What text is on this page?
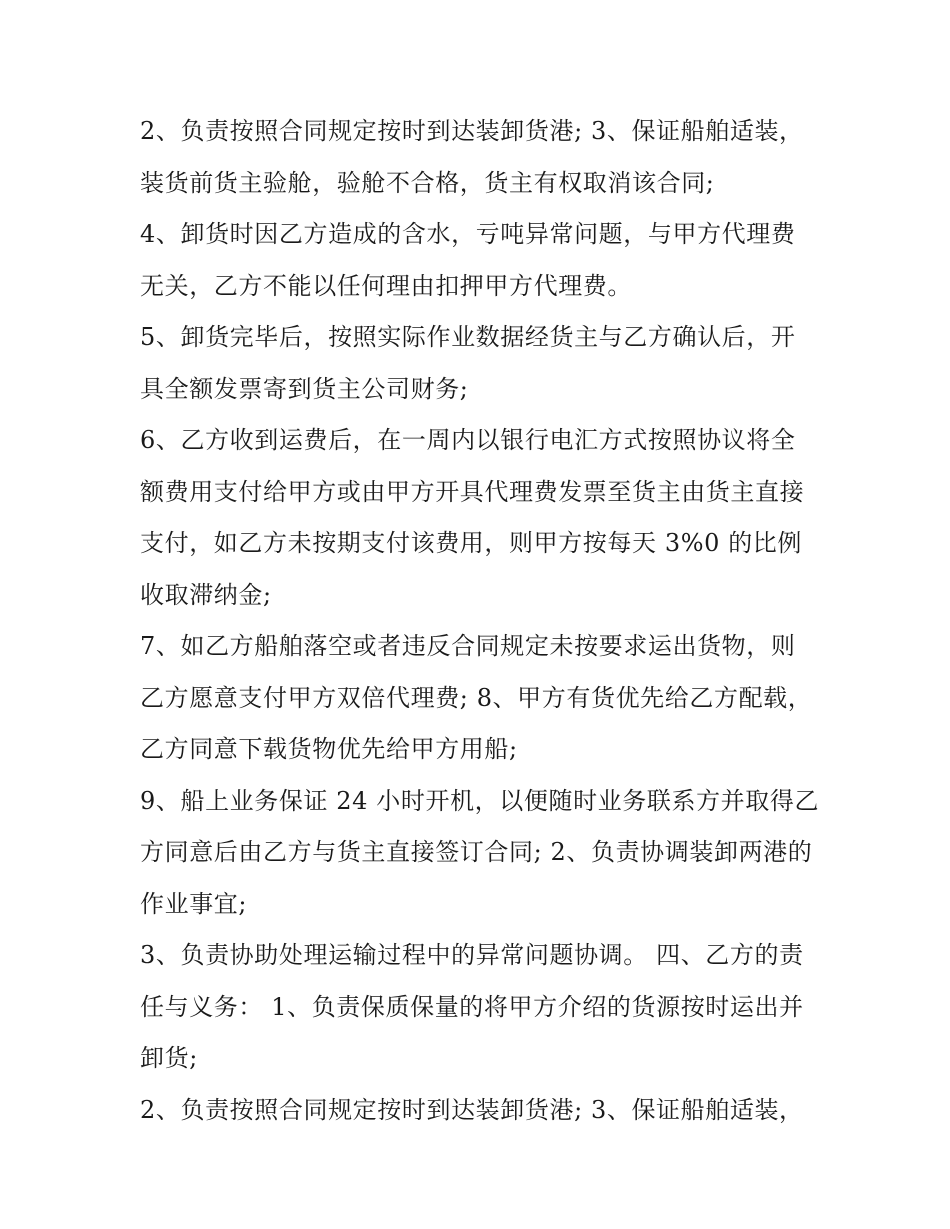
2、负责按照合同规定按时到达装卸货港; 3、保证船舶适装，
装货前货主验舱，验舱不合格，货主有权取消该合同;
4、卸货时因乙方造成的含水，亏吨异常问题，与甲方代理费
无关，乙方不能以任何理由扣押甲方代理费。
5、卸货完毕后，按照实际作业数据经货主与乙方确认后，开
具全额发票寄到货主公司财务;
6、乙方收到运费后，在一周内以银行电汇方式按照协议将全
额费用支付给甲方或由甲方开具代理费发票至货主由货主直接
支付，如乙方未按期支付该费用，则甲方按每天 3%0 的比例
收取滞纳金;
7、如乙方船舶落空或者违反合同规定未按要求运出货物，则
乙方愿意支付甲方双倍代理费; 8、甲方有货优先给乙方配载，
乙方同意下载货物优先给甲方用船;
9、船上业务保证 24 小时开机，以便随时业务联系方并取得乙
方同意后由乙方与货主直接签订合同; 2、负责协调装卸两港的
作业事宜;
3、负责协助处理运输过程中的异常问题协调。 四、乙方的责
任与义务： 1、负责保质保量的将甲方介绍的货源按时运出并
卸货;
2、负责按照合同规定按时到达装卸货港; 3、保证船舶适装，
